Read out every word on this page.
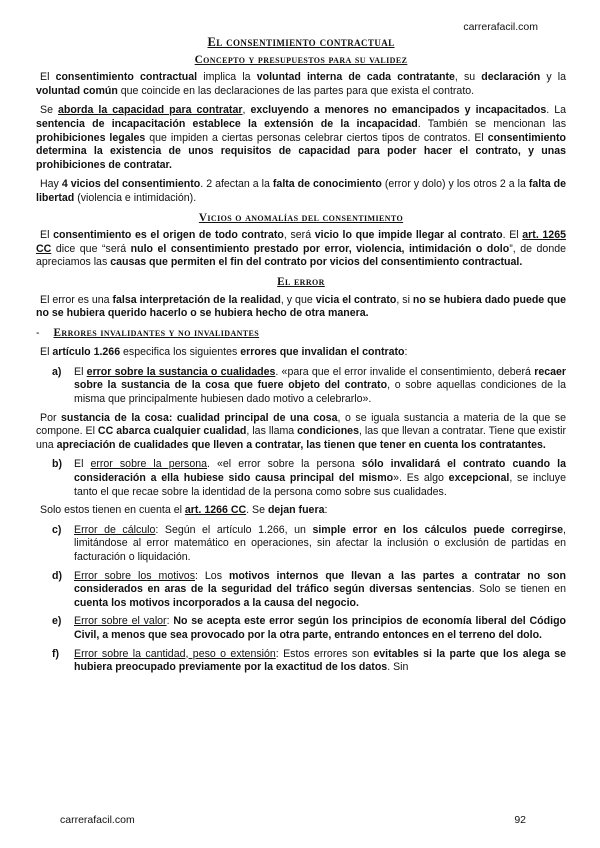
carrerafacil.com
El consentimiento contractual
Concepto y presupuestos para su validez

El consentimiento contractual implica la voluntad interna de cada contratante, su declaración y la voluntad común que coincide en las declaraciones de las partes para que exista el contrato.

Se aborda la capacidad para contratar, excluyendo a menores no emancipados y incapacitados. La sentencia de incapacitación establece la extensión de la incapacidad. También se mencionan las prohibiciones legales que impiden a ciertas personas celebrar ciertos tipos de contratos. El consentimiento determina la existencia de unos requisitos de capacidad para poder hacer el contrato, y unas prohibiciones de contratar.

Hay 4 vicios del consentimiento. 2 afectan a la falta de conocimiento (error y dolo) y los otros 2 a la falta de libertad (violencia e intimidación).

Vicios o anomalías del consentimiento

El consentimiento es el origen de todo contrato, será vicio lo que impide llegar al contrato. El art. 1265 CC dice que “será nulo el consentimiento prestado por error, violencia, intimidación o dolo”, de donde apreciamos las causas que permiten el fin del contrato por vicios del consentimiento contractual.

El error

El error es una falsa interpretación de la realidad, y que vicia el contrato, si no se hubiera dado puede que no se hubiera querido hacerlo o se hubiera hecho de otra manera.

- Errores invalidantes y no invalidantes

El artículo 1.266 especifica los siguientes errores que invalidan el contrato:

a)	El error sobre la sustancia o cualidades. «para que el error invalide el consentimiento, deberá recaer sobre la sustancia de la cosa que fuere objeto del contrato, o sobre aquellas condiciones de la misma que principalmente hubiesen dado motivo a celebrarlo».

Por sustancia de la cosa: cualidad principal de una cosa, o se iguala sustancia a materia de la que se compone. El CC abarca cualquier cualidad, las llama condiciones, las que llevan a contratar. Tiene que existir una apreciación de cualidades que lleven a contratar, las tienen que tener en cuenta los contratantes.

b)	El error sobre la persona. «el error sobre la persona sólo invalidará el contrato cuando la consideración a ella hubiese sido causa principal del mismo». Es algo excepcional, se incluye tanto el que recae sobre la identidad de la persona como sobre sus cualidades.

Solo estos tienen en cuenta el art. 1266 CC. Se dejan fuera:

c)	Error de cálculo: Según el artículo 1.266, un simple error en los cálculos puede corregirse, limitándose al error matemático en operaciones, sin afectar la inclusión o exclusión de partidas en facturación o liquidación.
d)	Error sobre los motivos: Los motivos internos que llevan a las partes a contratar no son considerados en aras de la seguridad del tráfico según diversas sentencias. Solo se tienen en cuenta los motivos incorporados a la causa del negocio.
e)	Error sobre el valor: No se acepta este error según los principios de economía liberal del Código Civil, a menos que sea provocado por la otra parte, entrando entonces en el terreno del dolo.
f)	Error sobre la cantidad, peso o extensión: Estos errores son evitables si la parte que los alega se hubiera preocupado previamente por la exactitud de los datos. Sin
carrerafacil.com	92
